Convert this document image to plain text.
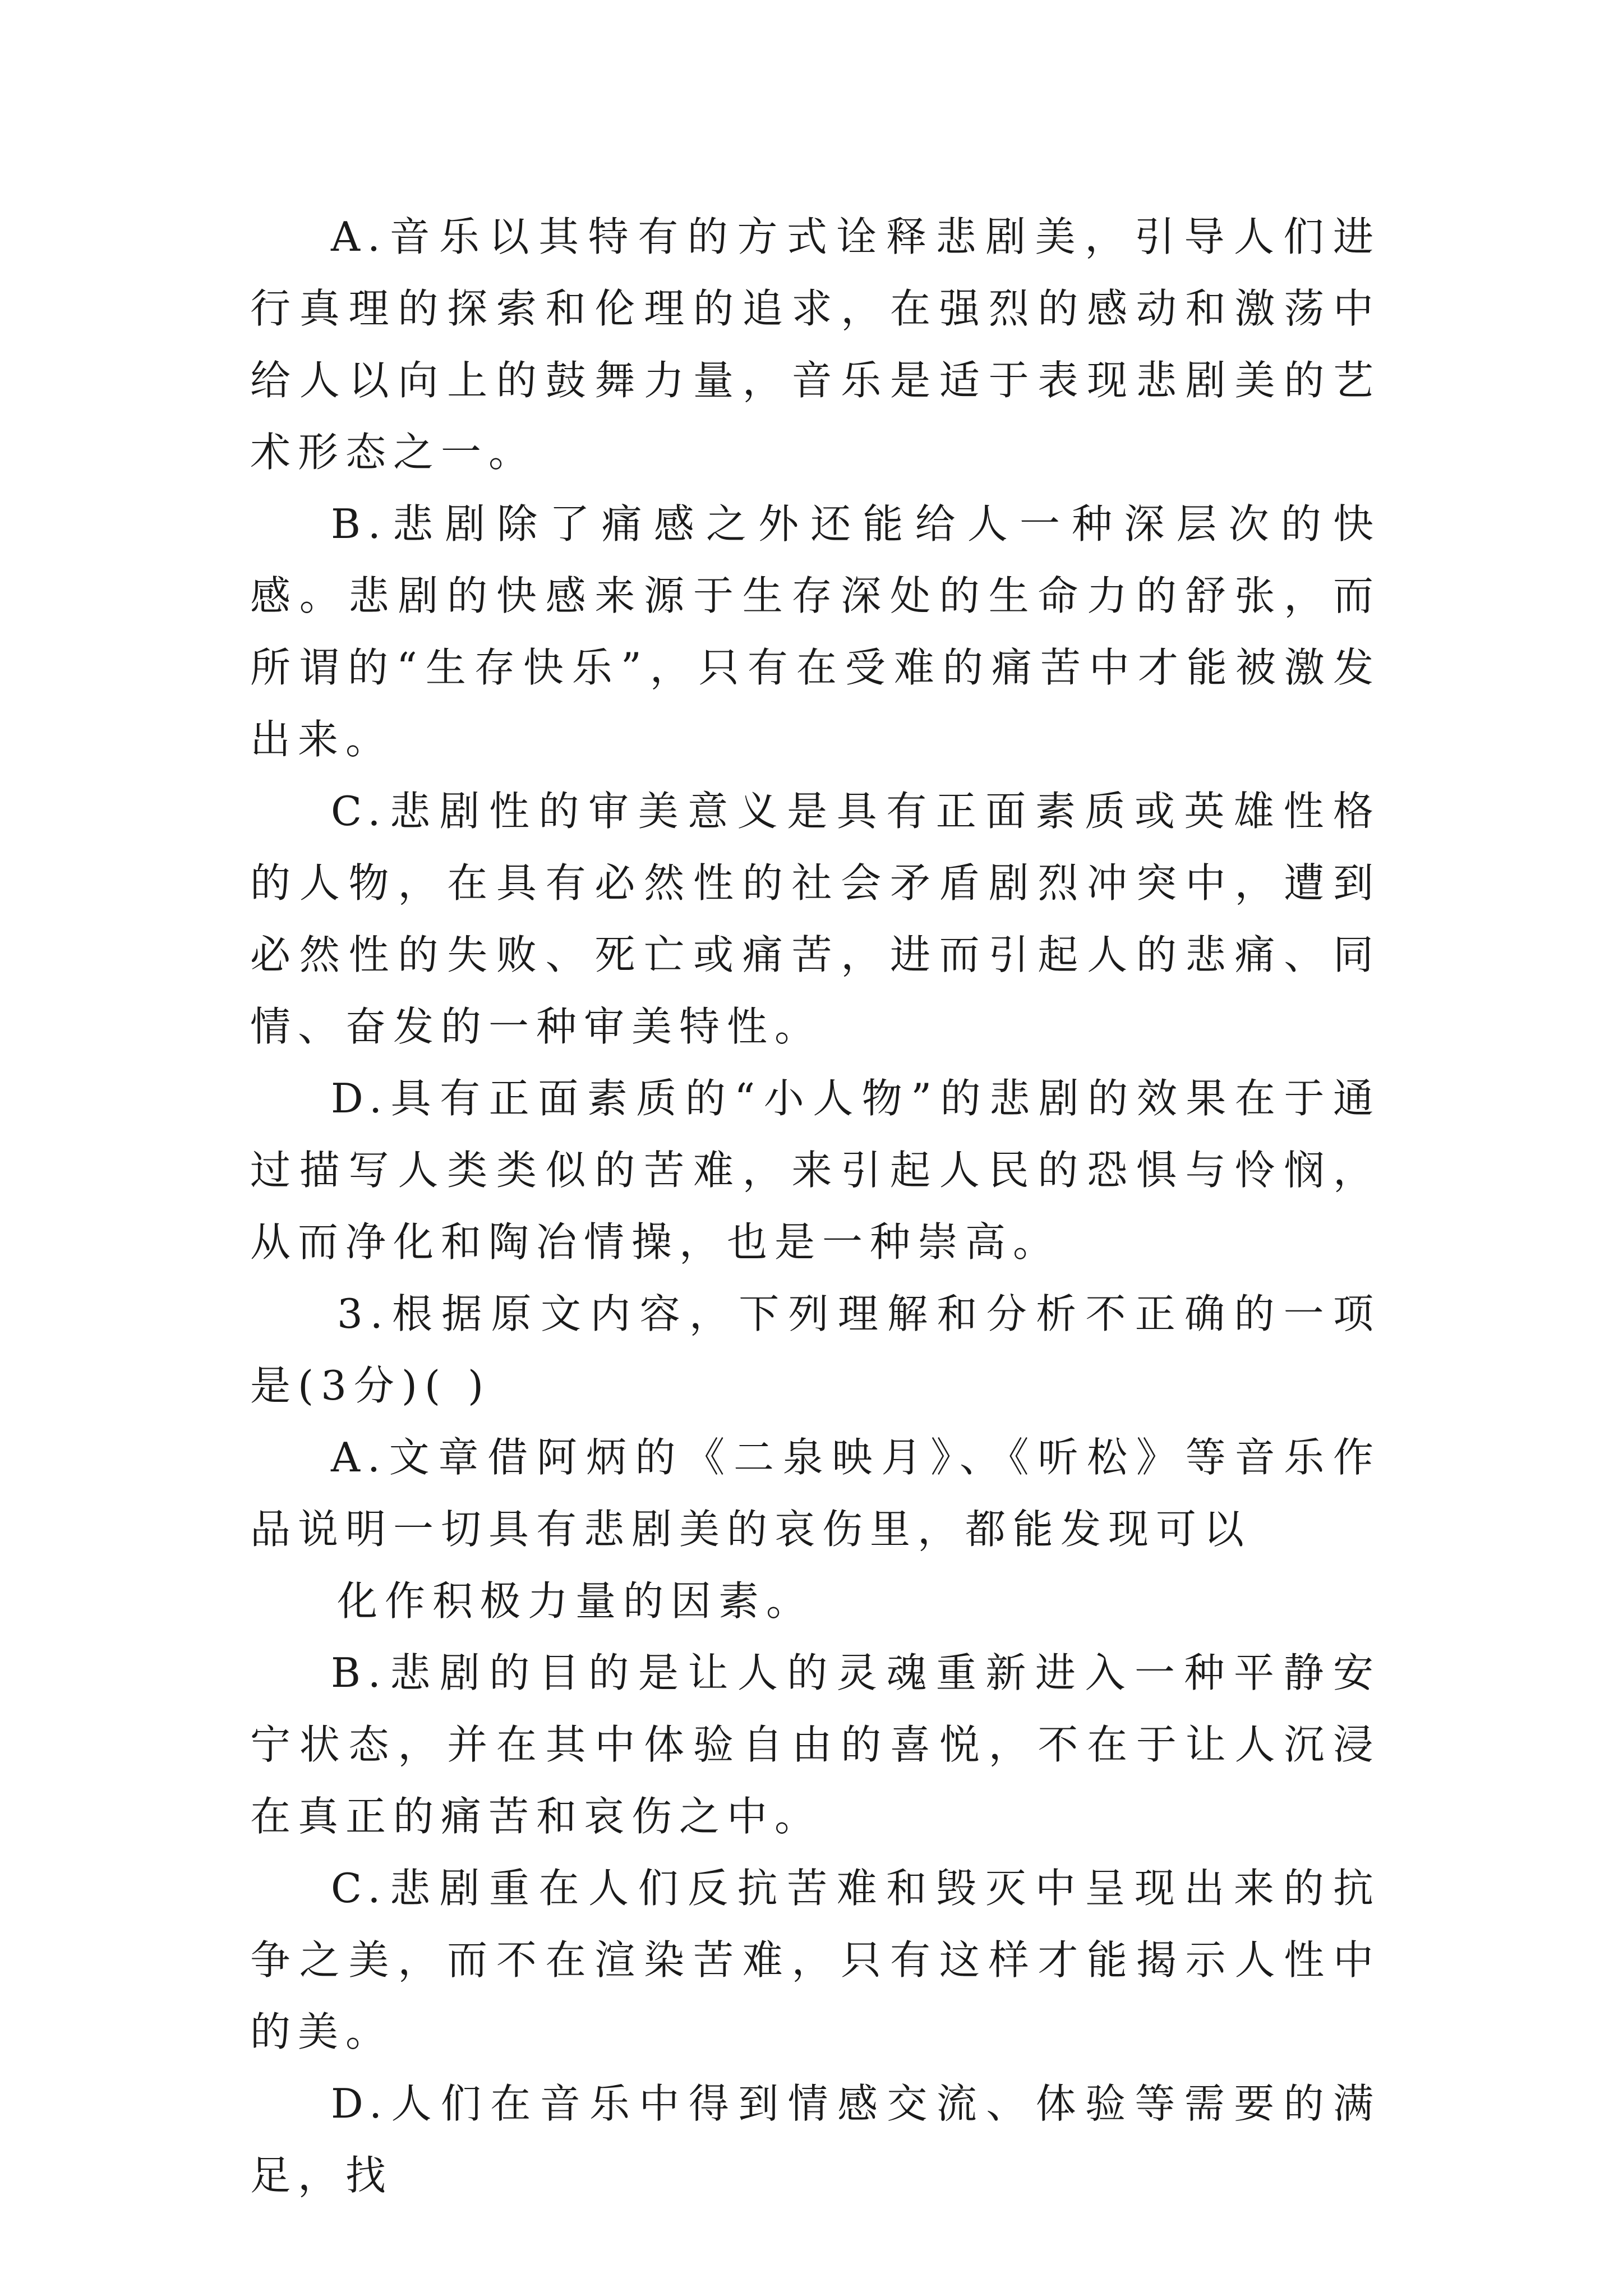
A.音乐以其特有的方式诠释悲剧美，引导人们进行真理的探索和伦理的追求，在强烈的感动和激荡中给人以向上的鼓舞力量，音乐是适于表现悲剧美的艺术形态之一。

B.悲剧除了痛感之外还能给人一种深层次的快感。悲剧的快感来源于生存深处的生命力的舒张，而所谓的“生存快乐”，只有在受难的痛苦中才能被激发出来。

C.悲剧性的审美意义是具有正面素质或英雄性格的人物，在具有必然性的社会矛盾剧烈冲突中，遭到必然性的失败、死亡或痛苦，进而引起人的悲痛、同情、奋发的一种审美特性。

D.具有正面素质的“小人物”的悲剧的效果在于通过描写人类类似的苦难，来引起人民的恐惧与怜悯，从而净化和陶冶情操，也是一种崇高。

3.根据原文内容，下列理解和分析不正确的一项是(3分)( )

A.文章借阿炳的《二泉映月》、《听松》等音乐作品说明一切具有悲剧美的哀伤里，都能发现可以

化作积极力量的因素。

B.悲剧的目的是让人的灵魂重新进入一种平静安宁状态，并在其中体验自由的喜悦，不在于让人沉浸在真正的痛苦和哀伤之中。

C.悲剧重在人们反抗苦难和毁灭中呈现出来的抗争之美，而不在渲染苦难，只有这样才能揭示人性中的美。

D.人们在音乐中得到情感交流、体验等需要的满足，找
